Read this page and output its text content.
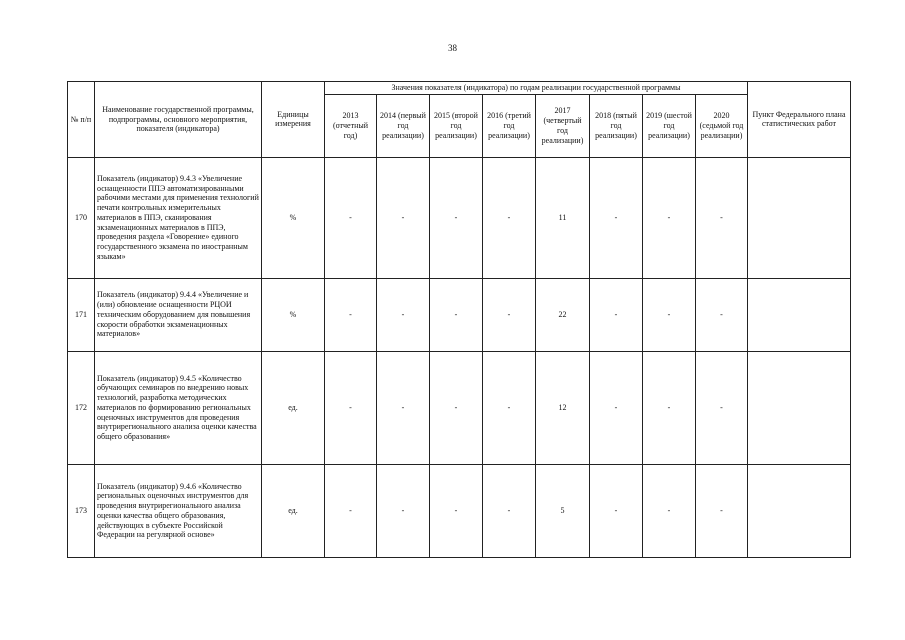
38
№ п/п	Наименование государственной программы, подпрограммы, основного мероприятия, показателя (индикатора)	Единицы измерения	Значения показателя (индикатора) по годам реализации государственной программы								Пункт Федерального плана статистических работ
			2013 (отчетный год)	2014 (первый год реализации)	2015 (второй год реализации)	2016 (третий год реализации)	2017 (четвертый год реализации)	2018 (пятый год реализации)	2019 (шестой год реализации)	2020 (седьмой год реализации)	
170	Показатель (индикатор) 9.4.3 «Увеличение оснащенности ППЭ автоматизированными рабочими местами для применения технологий печати контрольных измерительных материалов в ППЭ, сканирования экзаменационных материалов в ППЭ, проведения раздела «Говорение» единого государственного экзамена по иностранным языкам»	%	-	-	-	-	11	-	-	-	
171	Показатель (индикатор) 9.4.4 «Увеличение и (или) обновление оснащенности РЦОИ техническим оборудованием для повышения скорости обработки экзаменационных материалов»	%	-	-	-	-	22	-	-	-	
172	Показатель (индикатор) 9.4.5 «Количество обучающих семинаров по внедрению новых технологий, разработка методических материалов по формированию региональных оценочных инструментов для проведения внутрирегионального анализа оценки качества общего образования»	ед.	-	-	-	-	12	-	-	-	
173	Показатель (индикатор) 9.4.6 «Количество региональных оценочных инструментов для проведения внутрирегионального анализа оценки качества общего образования, действующих в субъекте Российской Федерации на регулярной основе»	ед.	-	-	-	-	5	-	-	-	
